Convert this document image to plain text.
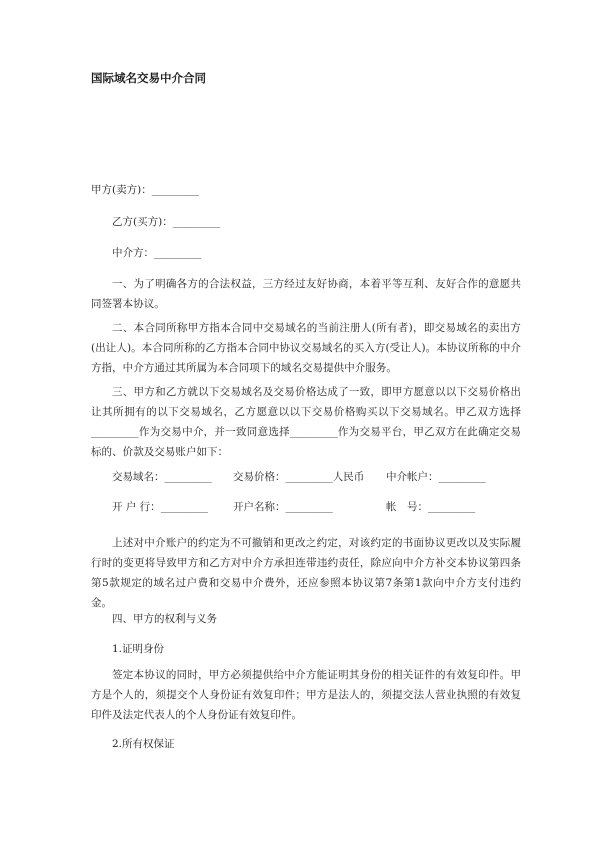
国际域名交易中介合同
甲方(卖方)：_________
乙方(买方)：_________
中介方：_________
一、为了明确各方的合法权益，三方经过友好协商，本着平等互利、友好合作的意愿共同签署本协议。
二、本合同所称甲方指本合同中交易域名的当前注册人(所有者)，即交易域名的卖出方(出让人)。本合同所称的乙方指本合同中协议交易域名的买入方(受让人)。本协议所称的中介方指，中介方通过其所属为本合同项下的域名交易提供中介服务。
三、甲方和乙方就以下交易域名及交易价格达成了一致，即甲方愿意以以下交易价格出让其所拥有的以下交易域名，乙方愿意以以下交易价格购买以下交易域名。甲乙双方选择_________作为交易中介，并一致同意选择_________作为交易平台，甲乙双方在此确定交易标的、价款及交易账户如下：
交易域名：_________ 交易价格：_________人民币 中介帐户：_________
开 户 行：_________ 开户名称：_________	帐　号：_________
上述对中介账户的约定为不可撤销和更改之约定，对该约定的书面协议更改以及实际履行时的变更将导致甲方和乙方对中介方承担连带违约责任，除应向中介方补交本协议第四条第5款规定的域名过户费和交易中介费外，还应参照本协议第7条第1款向中介方支付违约金。
四、甲方的权利与义务
1.证明身份
签定本协议的同时，甲方必须提供给中介方能证明其身份的相关证件的有效复印件。甲方是个人的，须提交个人身份证有效复印件；甲方是法人的，须提交法人营业执照的有效复印件及法定代表人的个人身份证有效复印件。
2.所有权保证
